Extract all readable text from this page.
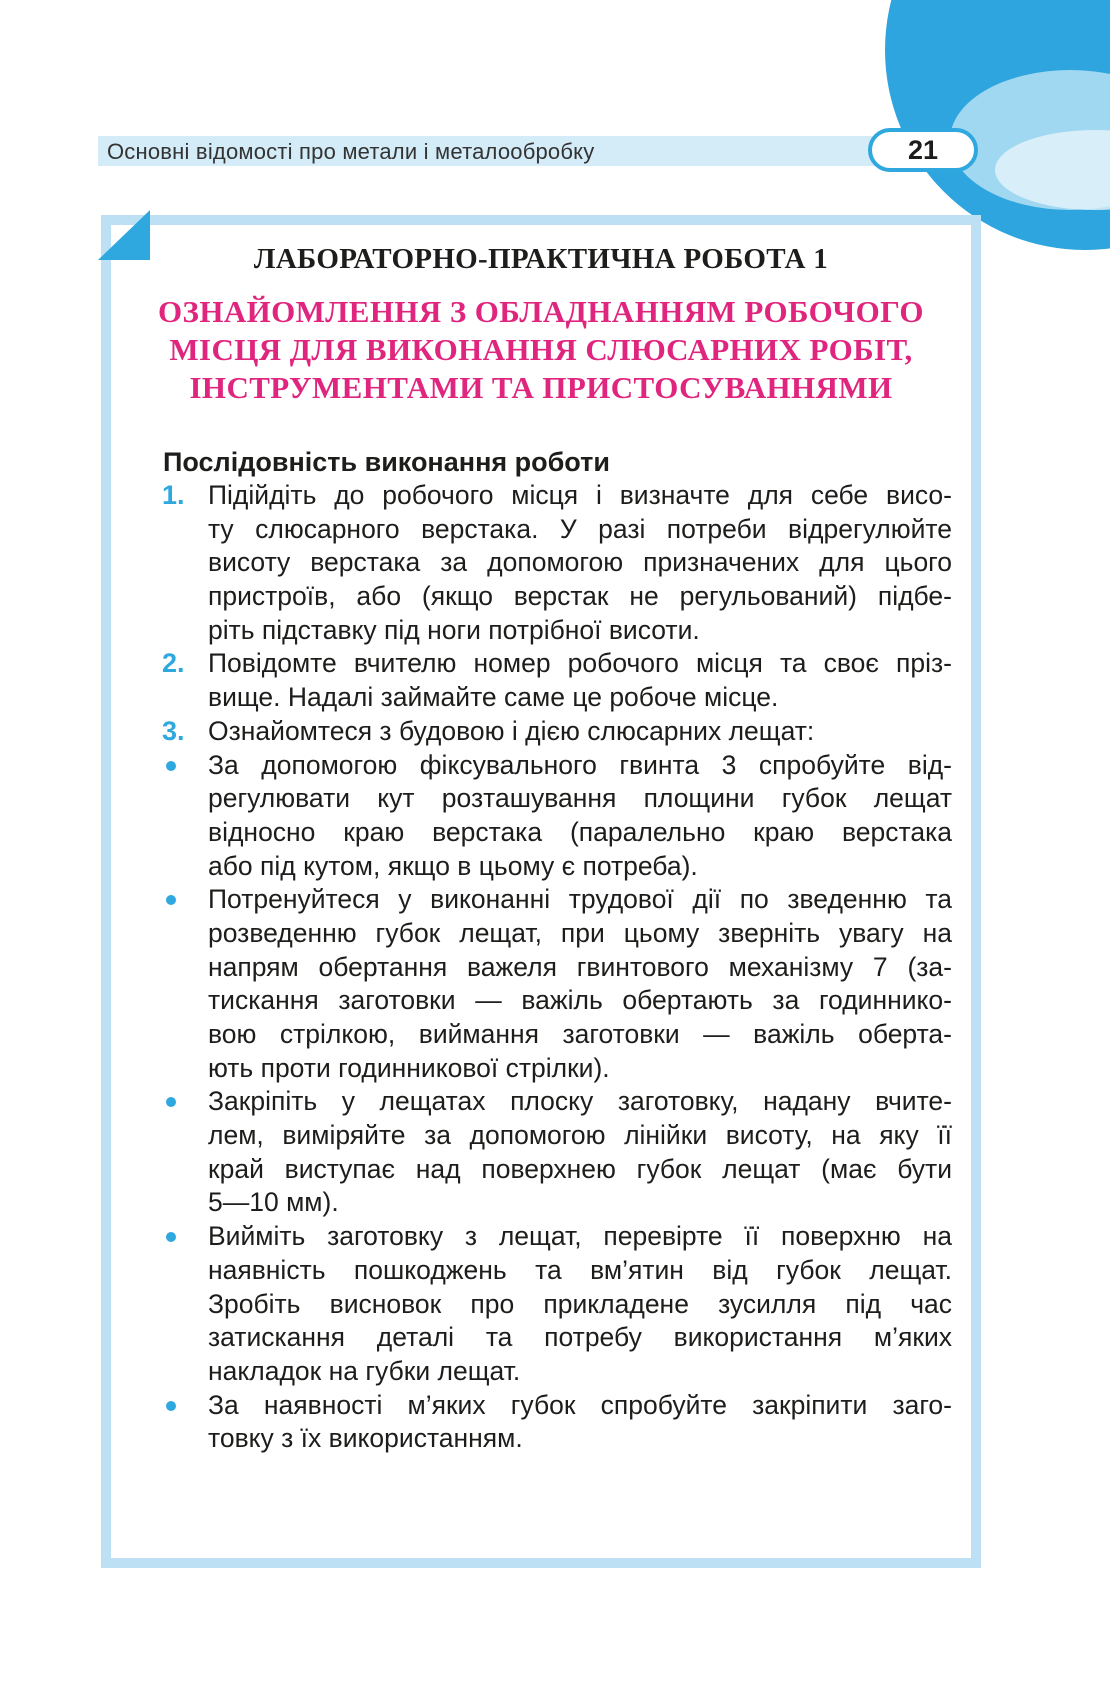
Основні відомості про метали і металообробку	21
ЛАБОРАТОРНО-ПРАКТИЧНА РОБОТА 1
ОЗНАЙОМЛЕННЯ З ОБЛАДНАННЯМ РОБОЧОГО
МІСЦЯ ДЛЯ ВИКОНАННЯ СЛЮСАРНИХ РОБІТ,
ІНСТРУМЕНТАМИ ТА ПРИСТОСУВАННЯМИ
Послідовність виконання роботи
1. Підійдіть до робочого місця і визначте для себе висо-
ту слюсарного верстака. У разі потреби відрегулюйте
висоту верстака за допомогою призначених для цього
пристроїв, або (якщо верстак не регульований) підбе-
ріть підставку під ноги потрібної висоти.
2. Повідомте вчителю номер робочого місця та своє пріз-
вище. Надалі займайте саме це робоче місце.
3. Ознайомтеся з будовою і дією слюсарних лещат:
За допомогою фіксувального гвинта 3 спробуйте від-
регулювати кут розташування площини губок лещат
відносно краю верстака (паралельно краю верстака
або під кутом, якщо в цьому є потреба).
Потренуйтеся у виконанні трудової дії по зведенню та
розведенню губок лещат, при цьому зверніть увагу на
напрям обертання важеля гвинтового механізму 7 (за-
тискання заготовки — важіль обертають за годиннико-
вою стрілкою, виймання заготовки — важіль оберта-
ють проти годинникової стрілки).
Закріпіть у лещатах плоску заготовку, надану вчите-
лем, виміряйте за допомогою лінійки висоту, на яку її
край виступає над поверхнею губок лещат (має бути
5—10 мм).
Вийміть заготовку з лещат, перевірте її поверхню на
наявність пошкоджень та вм’ятин від губок лещат.
Зробіть висновок про прикладене зусилля під час
затискання деталі та потребу використання м’яких
накладок на губки лещат.
За наявності м’яких губок спробуйте закріпити заго-
товку з їх використанням.
